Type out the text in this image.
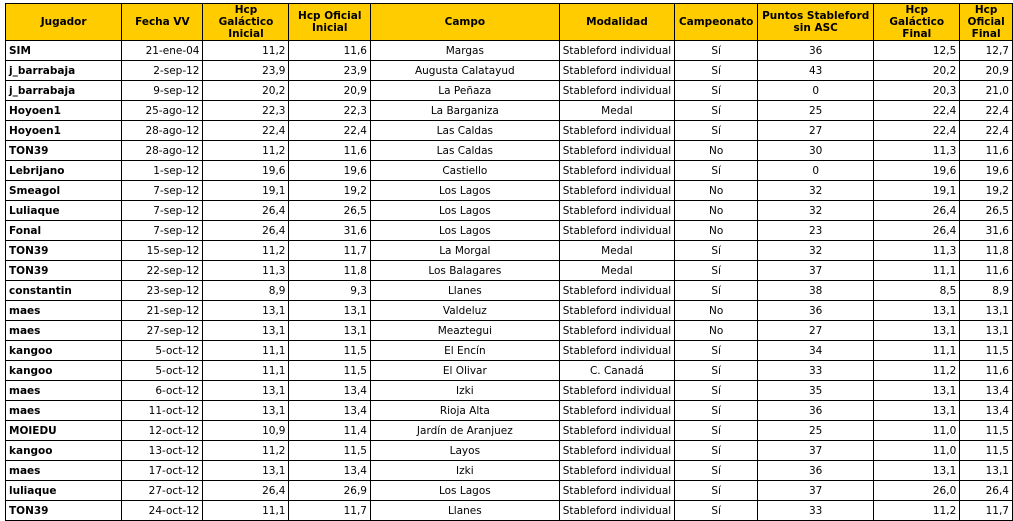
Jugador	Fecha VV	Hcp Galáctico Inicial	Hcp Oficial Inicial	Campo	Modalidad	Campeonato	Puntos Stableford sin ASC	Hcp Galáctico Final	Hcp Oficial Final
SIM	21-ene-04	11,2	11,6	Margas	Stableford individual	Sí	36	12,5	12,7
j_barrabaja	2-sep-12	23,9	23,9	Augusta Calatayud	Stableford individual	Sí	43	20,2	20,9
j_barrabaja	9-sep-12	20,2	20,9	La Peñaza	Stableford individual	Sí	0	20,3	21,0
Hoyoen1	25-ago-12	22,3	22,3	La Barganiza	Medal	Sí	25	22,4	22,4
Hoyoen1	28-ago-12	22,4	22,4	Las Caldas	Stableford individual	Sí	27	22,4	22,4
TON39	28-ago-12	11,2	11,6	Las Caldas	Stableford individual	No	30	11,3	11,6
Lebrijano	1-sep-12	19,6	19,6	Castiello	Stableford individual	Sí	0	19,6	19,6
Smeagol	7-sep-12	19,1	19,2	Los Lagos	Stableford individual	No	32	19,1	19,2
Luliaque	7-sep-12	26,4	26,5	Los Lagos	Stableford individual	No	32	26,4	26,5
Fonal	7-sep-12	26,4	31,6	Los Lagos	Stableford individual	No	23	26,4	31,6
TON39	15-sep-12	11,2	11,7	La Morgal	Medal	Sí	32	11,3	11,8
TON39	22-sep-12	11,3	11,8	Los Balagares	Medal	Sí	37	11,1	11,6
constantin	23-sep-12	8,9	9,3	Llanes	Stableford individual	Sí	38	8,5	8,9
maes	21-sep-12	13,1	13,1	Valdeluz	Stableford individual	No	36	13,1	13,1
maes	27-sep-12	13,1	13,1	Meaztegui	Stableford individual	No	27	13,1	13,1
kangoo	5-oct-12	11,1	11,5	El Encín	Stableford individual	Sí	34	11,1	11,5
kangoo	5-oct-12	11,1	11,5	El Olivar	C. Canadá	Sí	33	11,2	11,6
maes	6-oct-12	13,1	13,4	Izki	Stableford individual	Sí	35	13,1	13,4
maes	11-oct-12	13,1	13,4	Rioja Alta	Stableford individual	Sí	36	13,1	13,4
MOIEDU	12-oct-12	10,9	11,4	Jardín de Aranjuez	Stableford individual	Sí	25	11,0	11,5
kangoo	13-oct-12	11,2	11,5	Layos	Stableford individual	Sí	37	11,0	11,5
maes	17-oct-12	13,1	13,4	Izki	Stableford individual	Sí	36	13,1	13,1
luliaque	27-oct-12	26,4	26,9	Los Lagos	Stableford individual	Sí	37	26,0	26,4
TON39	24-oct-12	11,1	11,7	Llanes	Stableford individual	Sí	33	11,2	11,7
